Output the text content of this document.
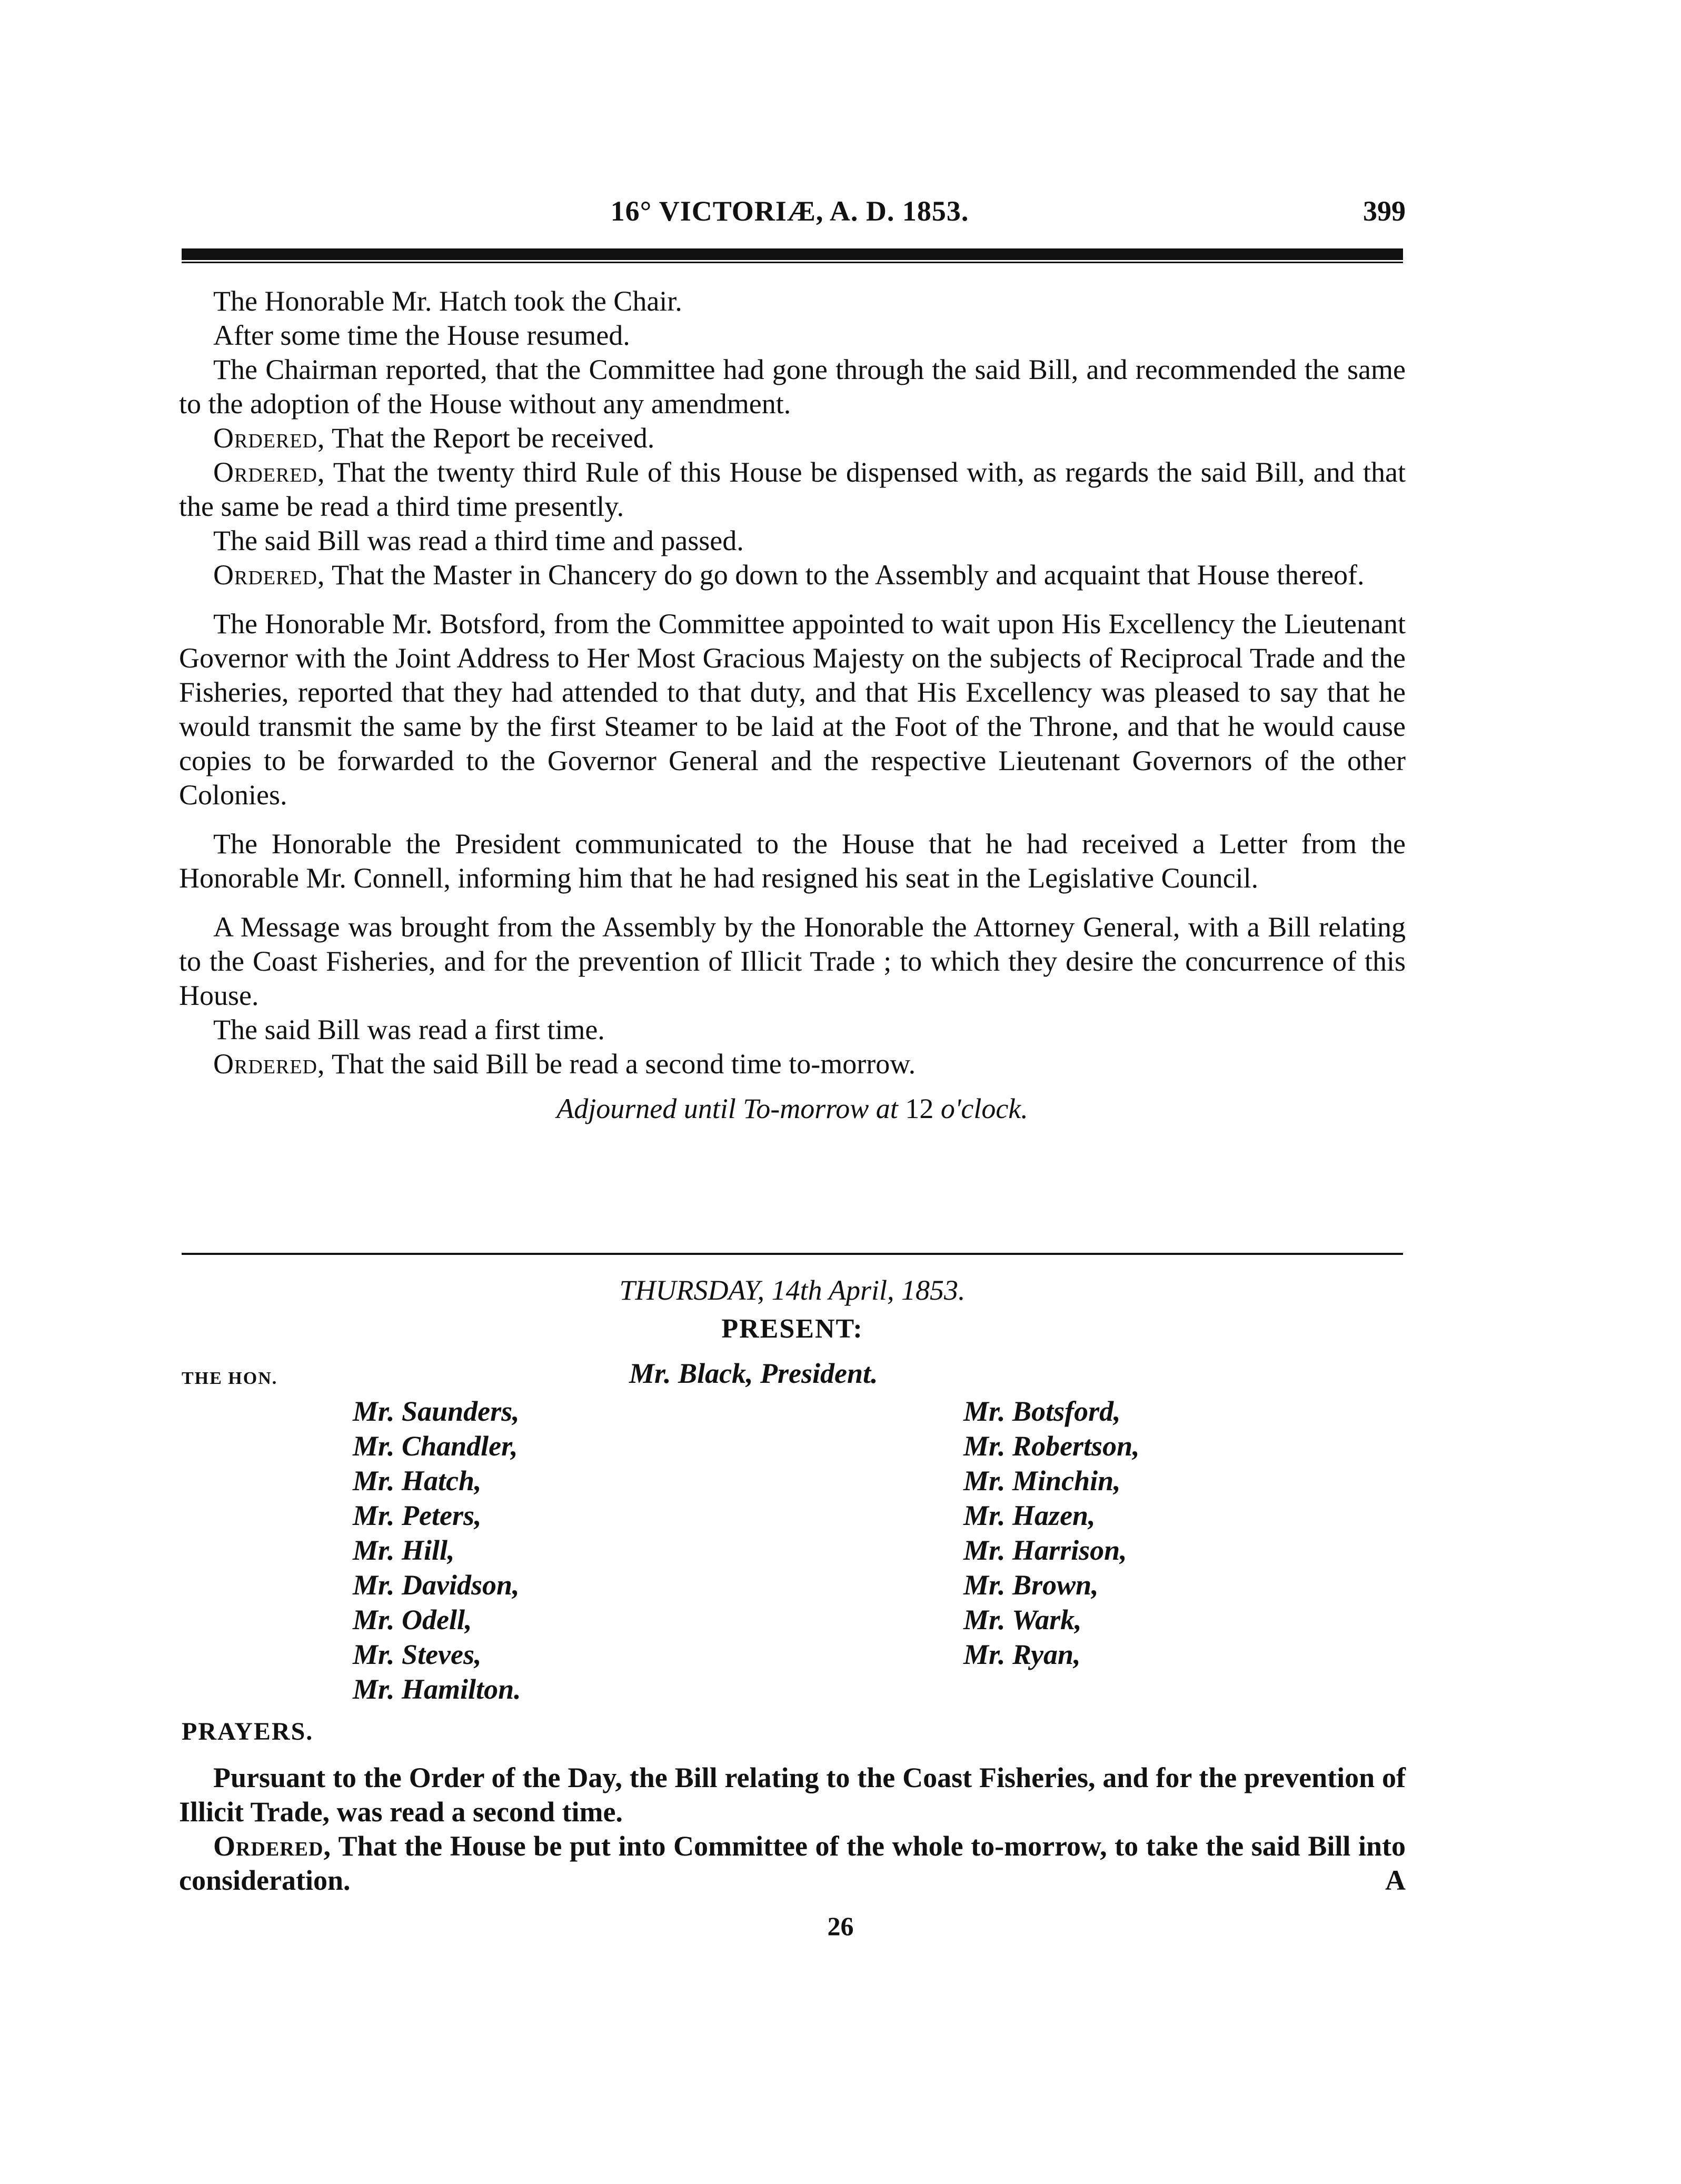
16° VICTORIÆ, A. D. 1853.	399

The Honorable Mr. Hatch took the Chair.

After some time the House resumed.

The Chairman reported, that the Committee had gone through the said Bill, and recommended the same to the adoption of the House without any amendment.

Ordered, That the Report be received.

Ordered, That the twenty third Rule of this House be dispensed with, as regards the said Bill, and that the same be read a third time presently.

The said Bill was read a third time and passed.

Ordered, That the Master in Chancery do go down to the Assembly and acquaint that House thereof.

The Honorable Mr. Botsford, from the Committee appointed to wait upon His Excellency the Lieutenant Governor with the Joint Address to Her Most Gracious Majesty on the subjects of Reciprocal Trade and the Fisheries, reported that they had attended to that duty, and that His Excellency was pleased to say that he would transmit the same by the first Steamer to be laid at the Foot of the Throne, and that he would cause copies to be forwarded to the Governor General and the respective Lieutenant Governors of the other Colonies.

The Honorable the President communicated to the House that he had received a Letter from the Honorable Mr. Connell, informing him that he had resigned his seat in the Legislative Council.

A Message was brought from the Assembly by the Honorable the Attorney General, with a Bill relating to the Coast Fisheries, and for the prevention of Illicit Trade ; to which they desire the concurrence of this House.

The said Bill was read a first time.

Ordered, That the said Bill be read a second time to-morrow.

Adjourned until To-morrow at 12 o'clock.

THURSDAY, 14th April, 1853.
PRESENT:
THE HON.	Mr. Black, President.
Mr. Saunders,
Mr. Chandler,
Mr. Hatch,
Mr. Peters,
Mr. Hill,
Mr. Davidson,
Mr. Odell,
Mr. Steves,
Mr. Hamilton.
Mr. Botsford,
Mr. Robertson,
Mr. Minchin,
Mr. Hazen,
Mr. Harrison,
Mr. Brown,
Mr. Wark,
Mr. Ryan,
PRAYERS.

Pursuant to the Order of the Day, the Bill relating to the Coast Fisheries, and for the prevention of Illicit Trade, was read a second time.

Ordered, That the House be put into Committee of the whole to-morrow, to take the said Bill into consideration.	A

26
